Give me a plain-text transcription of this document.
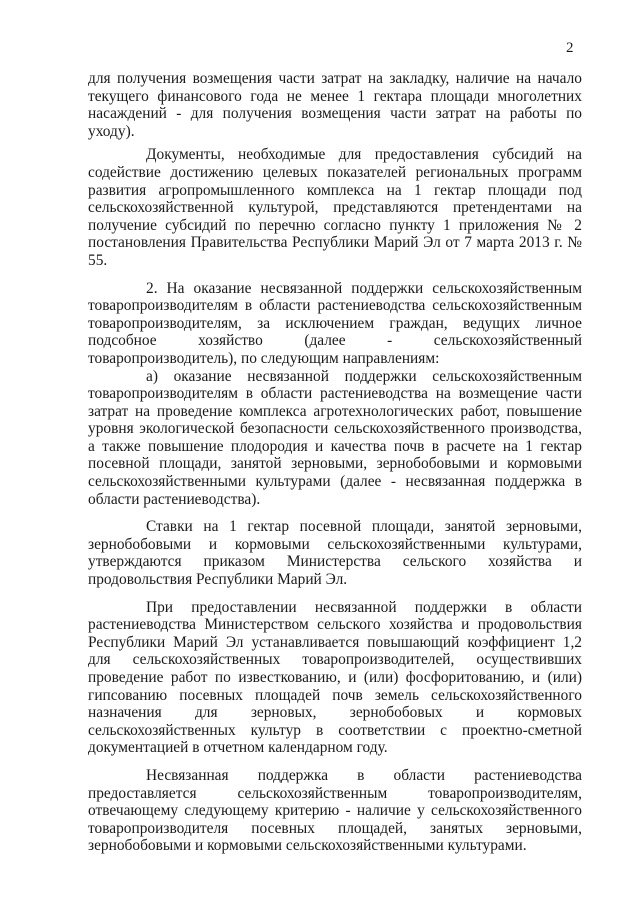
2

для получения возмещения части затрат на закладку, наличие на начало текущего финансового года не менее 1 гектара площади многолетних насаждений - для получения возмещения части затрат на работы по уходу).

Документы, необходимые для предоставления субсидий на содействие достижению целевых показателей региональных программ развития агропромышленного комплекса на 1 гектар площади под сельскохозяйственной культурой, представляются претендентами на получение субсидий по перечню согласно пункту 1 приложения № 2 постановления Правительства Республики Марий Эл от 7 марта 2013 г. № 55.

2. На оказание несвязанной поддержки сельскохозяйственным товаропроизводителям в области растениеводства сельскохозяйственным товаропроизводителям, за исключением граждан, ведущих личное подсобное хозяйство (далее - сельскохозяйственный товаропроизводитель), по следующим направлениям:

а) оказание несвязанной поддержки сельскохозяйственным товаропроизводителям в области растениеводства на возмещение части затрат на проведение комплекса агротехнологических работ, повышение уровня экологической безопасности сельскохозяйственного производства, а также повышение плодородия и качества почв в расчете на 1 гектар посевной площади, занятой зерновыми, зернобобовыми и кормовыми сельскохозяйственными культурами (далее - несвязанная поддержка в области растениеводства).

Ставки на 1 гектар посевной площади, занятой зерновыми, зернобобовыми и кормовыми сельскохозяйственными культурами, утверждаются приказом Министерства сельского хозяйства и продовольствия Республики Марий Эл.

При предоставлении несвязанной поддержки в области растениеводства Министерством сельского хозяйства и продовольствия Республики Марий Эл устанавливается повышающий коэффициент 1,2 для сельскохозяйственных товаропроизводителей, осуществивших проведение работ по известкованию, и (или) фосфоритованию, и (или) гипсованию посевных площадей почв земель сельскохозяйственного назначения для зерновых, зернобобовых и кормовых сельскохозяйственных культур в соответствии с проектно-сметной документацией в отчетном календарном году.

Несвязанная поддержка в области растениеводства предоставляется сельскохозяйственным товаропроизводителям, отвечающему следующему критерию - наличие у сельскохозяйственного товаропроизводителя посевных площадей, занятых зерновыми, зернобобовыми и кормовыми сельскохозяйственными культурами.
